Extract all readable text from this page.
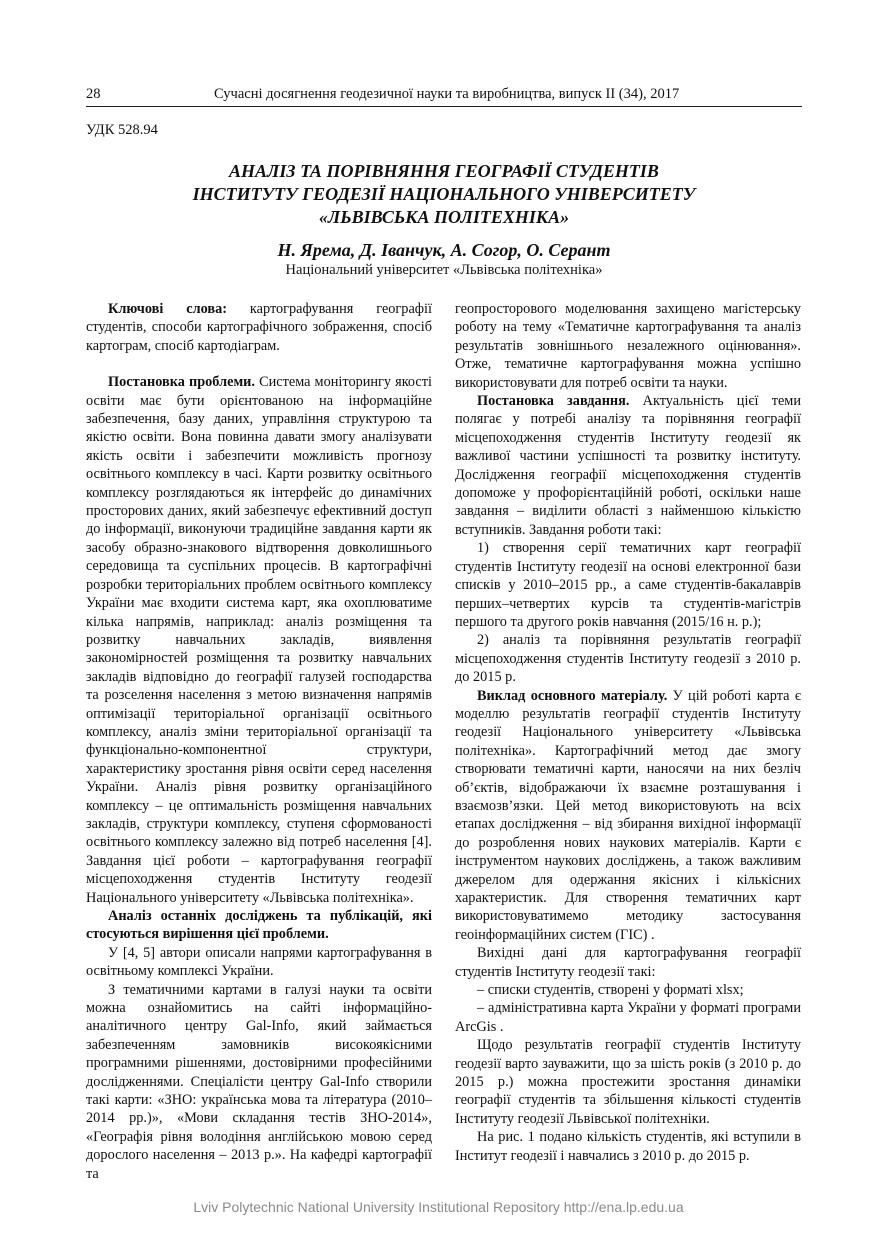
28	Сучасні досягнення геодезичної науки та виробництва, випуск II (34), 2017
УДК 528.94
АНАЛІЗ ТА ПОРІВНЯННЯ ГЕОГРАФІЇ СТУДЕНТІВ
ІНСТИТУТУ ГЕОДЕЗІЇ НАЦІОНАЛЬНОГО УНІВЕРСИТЕТУ
«ЛЬВІВСЬКА ПОЛІТЕХНІКА»
Н. Ярема, Д. Іванчук, А. Согор, О. Серант
Національний університет «Львівська політехніка»

Ключові слова: картографування географії студентів, способи картографічного зображення, спосіб картограм, спосіб картодіаграм.

Постановка проблеми. Система моніторингу якості освіти має бути орієнтованою на інформаційне забезпечення, базу даних, управління структурою та якістю освіти. Вона повинна давати змогу аналізувати якість освіти і забезпечити можливість прогнозу освітнього комплексу в часі. Карти розвитку освітнього комплексу розглядаються як інтерфейс до динамічних просторових даних, який забезпечує ефективний доступ до інформації, виконуючи традиційне завдання карти як засобу образно-знакового відтворення довколишнього середовища та суспільних процесів. В картографічні розробки територіальних проблем освітнього комплексу України має входити система карт, яка охоплюватиме кілька напрямів, наприклад: аналіз розміщення та розвитку навчальних закладів, виявлення закономірностей розміщення та розвитку навчальних закладів відповідно до географії галузей господарства та розселення населення з метою визначення напрямів оптимізації територіальної організації освітнього комплексу, аналіз зміни територіальної організації та функціонально-компонентної структури, характеристику зростання рівня освіти серед населення України. Аналіз рівня розвитку організаційного комплексу – це оптимальність розміщення навчальних закладів, структури комплексу, ступеня сформованості освітнього комплексу залежно від потреб населення [4]. Завдання цієї роботи – картографування географії місцепоходження студентів Інституту геодезії Національного університету «Львівська політехніка».

Аналіз останніх досліджень та публікацій, які стосуються вирішення цієї проблеми.

У [4, 5] автори описали напрями картографування в освітньому комплексі України.

З тематичними картами в галузі науки та освіти можна ознайомитись на сайті інформаційно-аналітичного центру Gal-Info, який займається забезпеченням замовників високоякісними програмними рішеннями, достовірними професійними дослідженнями. Спеціалісти центру Gal-Info створили такі карти: «ЗНО: українська мова та література (2010–2014 рр.)», «Мови складання тестів ЗНО-2014», «Географія рівня володіння англійською мовою серед дорослого населення – 2013 р.». На кафедрі картографії та

геопросторового моделювання захищено магістерську роботу на тему «Тематичне картографування та аналіз результатів зовнішнього незалежного оцінювання». Отже, тематичне картографування можна успішно використовувати для потреб освіти та науки.

Постановка завдання. Актуальність цієї теми полягає у потребі аналізу та порівняння географії місцепоходження студентів Інституту геодезії як важливої частини успішності та розвитку інституту. Дослідження географії місцепоходження студентів допоможе у профорієнтаційній роботі, оскільки наше завдання – виділити області з найменшою кількістю вступників. Завдання роботи такі:

1) створення серії тематичних карт географії студентів Інституту геодезії на основі електронної бази списків у 2010–2015 рр., а саме студентів-бакалаврів перших–четвертих курсів та студентів-магістрів першого та другого років навчання (2015/16 н. р.);

2) аналіз та порівняння результатів географії місцепоходження студентів Інституту геодезії з 2010 р. до 2015 р.

Виклад основного матеріалу. У цій роботі карта є моделлю результатів географії студентів Інституту геодезії Національного університету «Львівська політехніка». Картографічний метод дає змогу створювати тематичні карти, наносячи на них безліч об’єктів, відображаючи їх взаємне розташування і взаємозв’язки. Цей метод використовують на всіх етапах дослідження – від збирання вихідної інформації до розроблення нових наукових матеріалів. Карти є інструментом наукових досліджень, а також важливим джерелом для одержання якісних і кількісних характеристик. Для створення тематичних карт використовуватимемо методику застосування геоінформаційних систем (ГІС) .

Вихідні дані для картографування географії студентів Інституту геодезії такі:

– списки студентів, створені у форматі xlsx;

– адміністративна карта України у форматі програми ArcGis .

Щодо результатів географії студентів Інституту геодезії варто зауважити, що за шість років (з 2010 р. до 2015 р.) можна простежити зростання динаміки географії студентів та збільшення кількості студентів Інституту геодезії Львівської політехніки.

На рис. 1 подано кількість студентів, які вступили в Інститут геодезії і навчались з 2010 р. до 2015 р.

Lviv Polytechnic National University Institutional Repository http://ena.lp.edu.ua
